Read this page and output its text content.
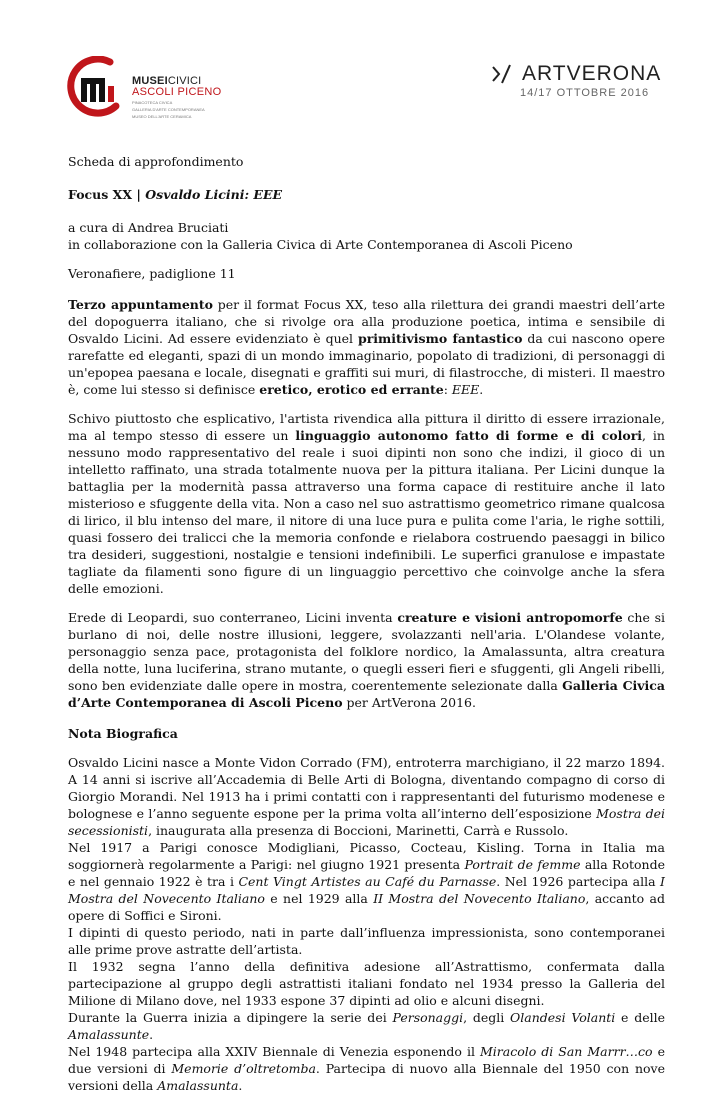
MUSEICIVICI
ASCOLI PICENO
PINACOTECA CIVICA
GALLERIA D'ARTE CONTEMPORANEA
MUSEO DELL'ARTE CERAMICA
ARTVERONA
14/17 OTTOBRE 2016

Scheda di approfondimento

Focus XX | Osvaldo Licini: EEE

a cura di Andrea Bruciati

in collaborazione con la Galleria Civica di Arte Contemporanea di Ascoli Piceno

Veronafiere, padiglione 11

Terzo appuntamento per il format Focus XX, teso alla rilettura dei grandi maestri dell’arte del dopoguerra italiano, che si rivolge ora alla produzione poetica, intima e sensibile di Osvaldo Licini. Ad essere evidenziato è quel primitivismo fantastico da cui nascono opere rarefatte ed eleganti, spazi di un mondo immaginario, popolato di tradizioni, di personaggi di un'epopea paesana e locale, disegnati e graffiti sui muri, di filastrocche, di misteri. Il maestro è, come lui stesso si definisce eretico, erotico ed errante: EEE.

Schivo piuttosto che esplicativo, l'artista rivendica alla pittura il diritto di essere irrazionale, ma al tempo stesso di essere un linguaggio autonomo fatto di forme e di colori, in nessuno modo rappresentativo del reale i suoi dipinti non sono che indizi, il gioco di un intelletto raffinato, una strada totalmente nuova per la pittura italiana. Per Licini dunque la battaglia per la modernità passa attraverso una forma capace di restituire anche il lato misterioso e sfuggente della vita. Non a caso nel suo astrattismo geometrico rimane qualcosa di lirico, il blu intenso del mare, il nitore di una luce pura e pulita come l'aria, le righe sottili, quasi fossero dei tralicci che la memoria confonde e rielabora costruendo paesaggi in bilico tra desideri, suggestioni, nostalgie e tensioni indefinibili. Le superfici granulose e impastate tagliate da filamenti sono figure di un linguaggio percettivo che coinvolge anche la sfera delle emozioni.

Erede di Leopardi, suo conterraneo, Licini inventa creature e visioni antropomorfe che si burlano di noi, delle nostre illusioni, leggere, svolazzanti nell'aria. L'Olandese volante, personaggio senza pace, protagonista del folklore nordico, la Amalassunta, altra creatura della notte, luna luciferina, strano mutante, o quegli esseri fieri e sfuggenti, gli Angeli ribelli, sono ben evidenziate dalle opere in mostra, coerentemente selezionate dalla Galleria Civica d’Arte Contemporanea di Ascoli Piceno per ArtVerona 2016.

Nota Biografica

Osvaldo Licini nasce a Monte Vidon Corrado (FM), entroterra marchigiano, il 22 marzo 1894. A 14 anni si iscrive all’Accademia di Belle Arti di Bologna, diventando compagno di corso di Giorgio Morandi. Nel 1913 ha i primi contatti con i rappresentanti del futurismo modenese e bolognese e l’anno seguente espone per la prima volta all’interno dell’esposizione Mostra dei secessionisti, inaugurata alla presenza di Boccioni, Marinetti, Carrà e Russolo.

Nel 1917 a Parigi conosce Modigliani, Picasso, Cocteau, Kisling. Torna in Italia ma soggiornerà regolarmente a Parigi: nel giugno 1921 presenta Portrait de femme alla Rotonde e nel gennaio 1922 è tra i Cent Vingt Artistes au Café du Parnasse. Nel 1926 partecipa alla I Mostra del Novecento Italiano e nel 1929 alla II Mostra del Novecento Italiano, accanto ad opere di Soffici e Sironi.

I dipinti di questo periodo, nati in parte dall’influenza impressionista, sono contemporanei alle prime prove astratte dell’artista.

Il 1932 segna l’anno della definitiva adesione all’Astrattismo, confermata dalla partecipazione al gruppo degli astrattisti italiani fondato nel 1934 presso la Galleria del Milione di Milano dove, nel 1933 espone 37 dipinti ad olio e alcuni disegni.

Durante la Guerra inizia a dipingere la serie dei Personaggi, degli Olandesi Volanti e delle Amalassunte.

Nel 1948 partecipa alla XXIV Biennale di Venezia esponendo il Miracolo di San Marrr…co e due versioni di Memorie d’oltretomba. Partecipa di nuovo alla Biennale del 1950 con nove versioni della Amalassunta.
